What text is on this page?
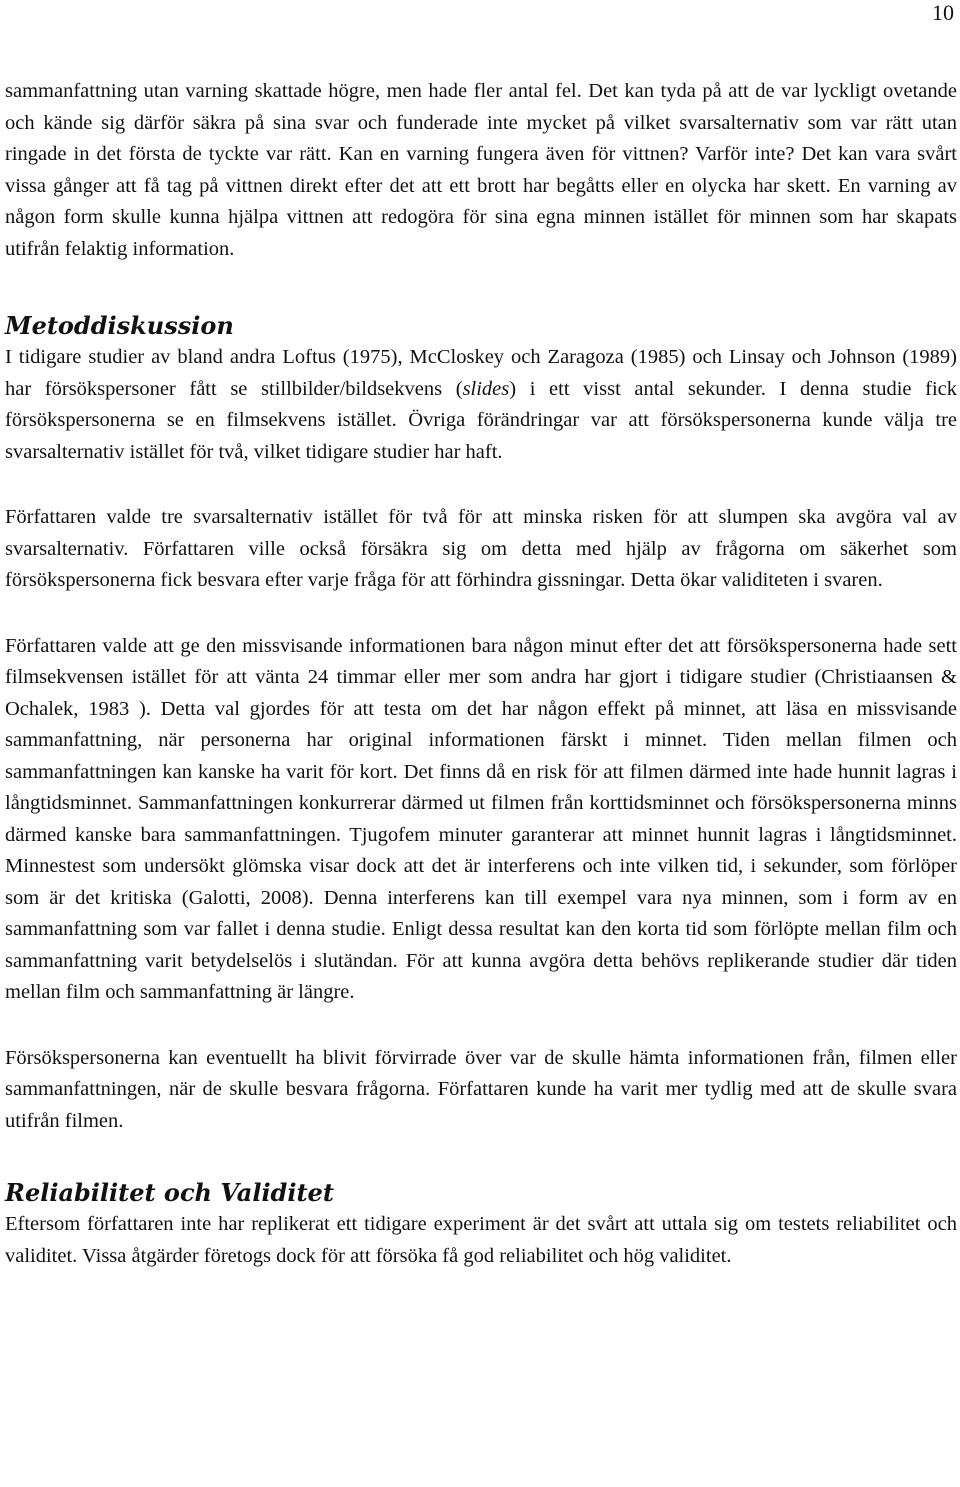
10

sammanfattning utan varning skattade högre, men hade fler antal fel. Det kan tyda på att de var lyckligt ovetande och kände sig därför säkra på sina svar och funderade inte mycket på vilket svarsalternativ som var rätt utan ringade in det första de tyckte var rätt. Kan en varning fungera även för vittnen? Varför inte? Det kan vara svårt vissa gånger att få tag på vittnen direkt efter det att ett brott har begåtts eller en olycka har skett. En varning av någon form skulle kunna hjälpa vittnen att redogöra för sina egna minnen istället för minnen som har skapats utifrån felaktig information.

Metoddiskussion

I tidigare studier av bland andra Loftus (1975), McCloskey och Zaragoza (1985) och Linsay och Johnson (1989) har försökspersoner fått se stillbilder/bildsekvens (slides) i ett visst antal sekunder. I denna studie fick försökspersonerna se en filmsekvens istället. Övriga förändringar var att försökspersonerna kunde välja tre svarsalternativ istället för två, vilket tidigare studier har haft.

Författaren valde tre svarsalternativ istället för två för att minska risken för att slumpen ska avgöra val av svarsalternativ. Författaren ville också försäkra sig om detta med hjälp av frågorna om säkerhet som försökspersonerna fick besvara efter varje fråga för att förhindra gissningar. Detta ökar validiteten i svaren.

Författaren valde att ge den missvisande informationen bara någon minut efter det att försökspersonerna hade sett filmsekvensen istället för att vänta 24 timmar eller mer som andra har gjort i tidigare studier (Christiaansen & Ochalek, 1983 ). Detta val gjordes för att testa om det har någon effekt på minnet, att läsa en missvisande sammanfattning, när personerna har original informationen färskt i minnet. Tiden mellan filmen och sammanfattningen kan kanske ha varit för kort. Det finns då en risk för att filmen därmed inte hade hunnit lagras i långtidsminnet. Sammanfattningen konkurrerar därmed ut filmen från korttidsminnet och försökspersonerna minns därmed kanske bara sammanfattningen. Tjugofem minuter garanterar att minnet hunnit lagras i långtidsminnet. Minnestest som undersökt glömska visar dock att det är interferens och inte vilken tid, i sekunder, som förlöper som är det kritiska (Galotti, 2008). Denna interferens kan till exempel vara nya minnen, som i form av en sammanfattning som var fallet i denna studie. Enligt dessa resultat kan den korta tid som förlöpte mellan film och sammanfattning varit betydelselös i slutändan. För att kunna avgöra detta behövs replikerande studier där tiden mellan film och sammanfattning är längre.

Försökspersonerna kan eventuellt ha blivit förvirrade över var de skulle hämta informationen från, filmen eller sammanfattningen, när de skulle besvara frågorna. Författaren kunde ha varit mer tydlig med att de skulle svara utifrån filmen.

Reliabilitet och Validitet

Eftersom författaren inte har replikerat ett tidigare experiment är det svårt att uttala sig om testets reliabilitet och validitet. Vissa åtgärder företogs dock för att försöka få god reliabilitet och hög validitet.
